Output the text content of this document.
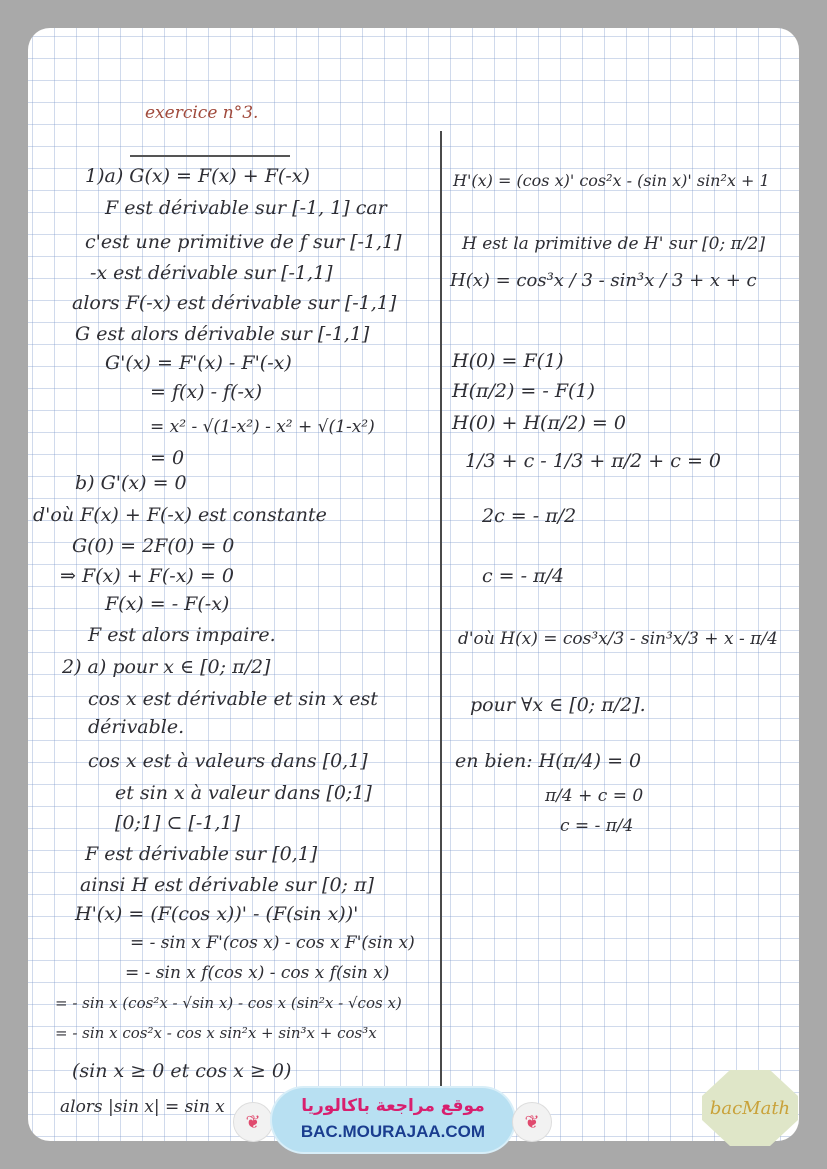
exercice n°3.
1)a) G(x) = F(x) + F(-x)
F est dérivable sur [-1, 1] car
c'est une primitive de f sur [-1,1]
-x est dérivable sur [-1,1]
alors F(-x) est dérivable sur [-1,1]
G est alors dérivable sur [-1,1]
G'(x) = F'(x) - F'(-x)
= f(x) - f(-x)
= x² - √(1-x²) - x² + √(1-x²)
= 0
b) G'(x) = 0
d'où F(x) + F(-x) est constante
G(0) = 2F(0) = 0
⇒ F(x) + F(-x) = 0
F(x) = - F(-x)
F est alors impaire.
2) a) pour x ∈ [0; π/2]
cos x est dérivable et sin x est
dérivable.
cos x est à valeurs dans [0,1]
et sin x à valeur dans [0;1]
[0;1] ⊂ [-1,1]
F est dérivable sur [0,1]
ainsi H est dérivable sur [0; π]
H'(x) = (F(cos x))' - (F(sin x))'
= - sin x F'(cos x) - cos x F'(sin x)
= - sin x f(cos x) - cos x f(sin x)
= - sin x (cos²x - √sin x) - cos x (sin²x - √cos x)
= - sin x cos²x - cos x sin²x + sin³x + cos³x
(sin x ≥ 0 et cos x ≥ 0)
alors |sin x| = sin x
H'(x) = (cos x)' cos²x - (sin x)' sin²x + 1
H est la primitive de H' sur [0; π/2]
H(x) = cos³x / 3 - sin³x / 3 + x + c
H(0) = F(1)
H(π/2) = - F(1)
H(0) + H(π/2) = 0
1/3 + c - 1/3 + π/2 + c = 0
2c = - π/2
c = - π/4
d'où H(x) = cos³x/3 - sin³x/3 + x - π/4
pour ∀x ∈ [0; π/2].
en bien: H(π/4) = 0
π/4 + c = 0
c = - π/4
❦
موقع مراجعة باكالوريا
BAC.MOURAJAA.COM	❦
bacMath
